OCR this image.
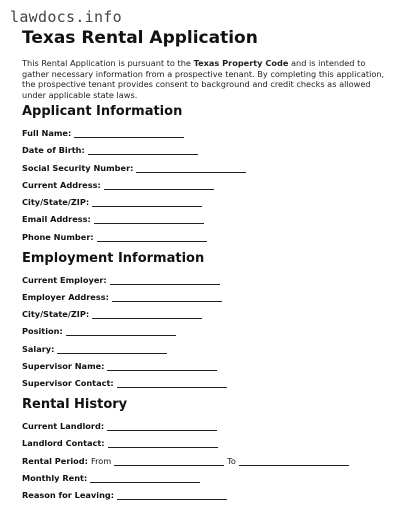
lawdocs.info
Texas Rental Application

This Rental Application is pursuant to the Texas Property Code and is intended to gather necessary information from a prospective tenant. By completing this application, the prospective tenant provides consent to background and credit checks as allowed under applicable state laws.

Applicant Information
Full Name:
Date of Birth:
Social Security Number:
Current Address:
City/State/ZIP:
Email Address:
Phone Number:
Employment Information
Current Employer:
Employer Address:
City/State/ZIP:
Position:
Salary:
Supervisor Name:
Supervisor Contact:
Rental History
Current Landlord:
Landlord Contact:
Rental Period: From	To
Monthly Rent:
Reason for Leaving:
